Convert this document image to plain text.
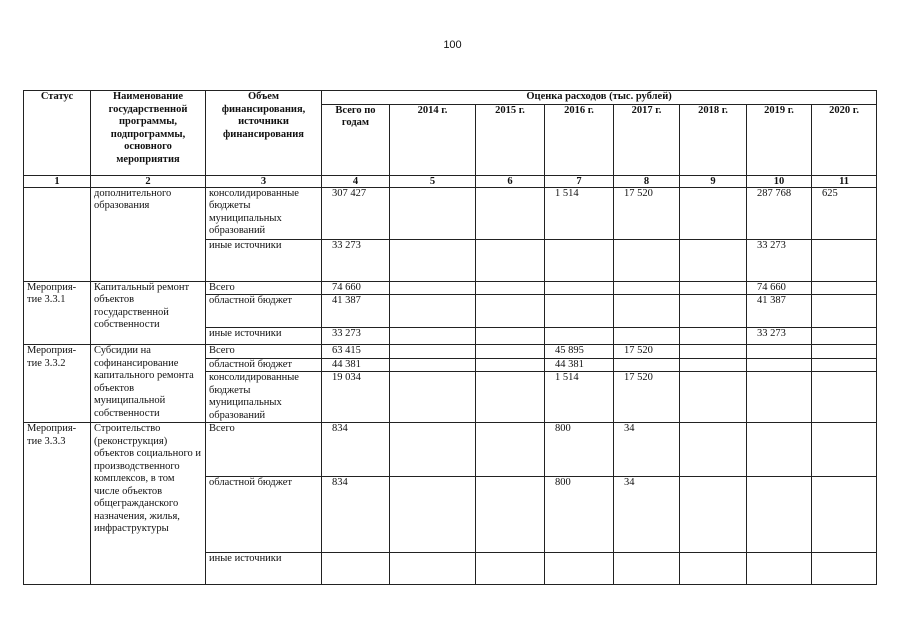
100
Статус	Наименование государственной программы, подпрограммы, основного мероприятия	Объем финансирования, источники финансирования	Оценка расходов (тыс. рублей)							
			Всего по годам	2014 г.	2015 г.	2016 г.	2017 г.	2018 г.	2019 г.	2020 г.
1	2	3	4	5	6	7	8	9	10	11
	дополнительного образования	консолидированные бюджеты муниципальных образований	307 427			1 514	17 520		287 768	625
		иные источники	33 273						33 273	
Мероприя-тие 3.3.1	Капитальный ремонт объектов государственной собственности	Всего	74 660						74 660	
		областной бюджет	41 387						41 387	
		иные источники	33 273						33 273	
Мероприя-тие 3.3.2	Субсидии на софинансирование капитального ремонта объектов муниципальной собственности	Всего	63 415			45 895	17 520			
		областной бюджет	44 381			44 381				
		консолидированные бюджеты муниципальных образований	19 034			1 514	17 520			
Мероприя-тие 3.3.3	Строительство (реконструкция) объектов социального и производственного комплексов, в том числе объектов общегражданского назначения, жилья, инфраструктуры	Всего	834			800	34			
		областной бюджет	834			800	34			
		иные источники								
